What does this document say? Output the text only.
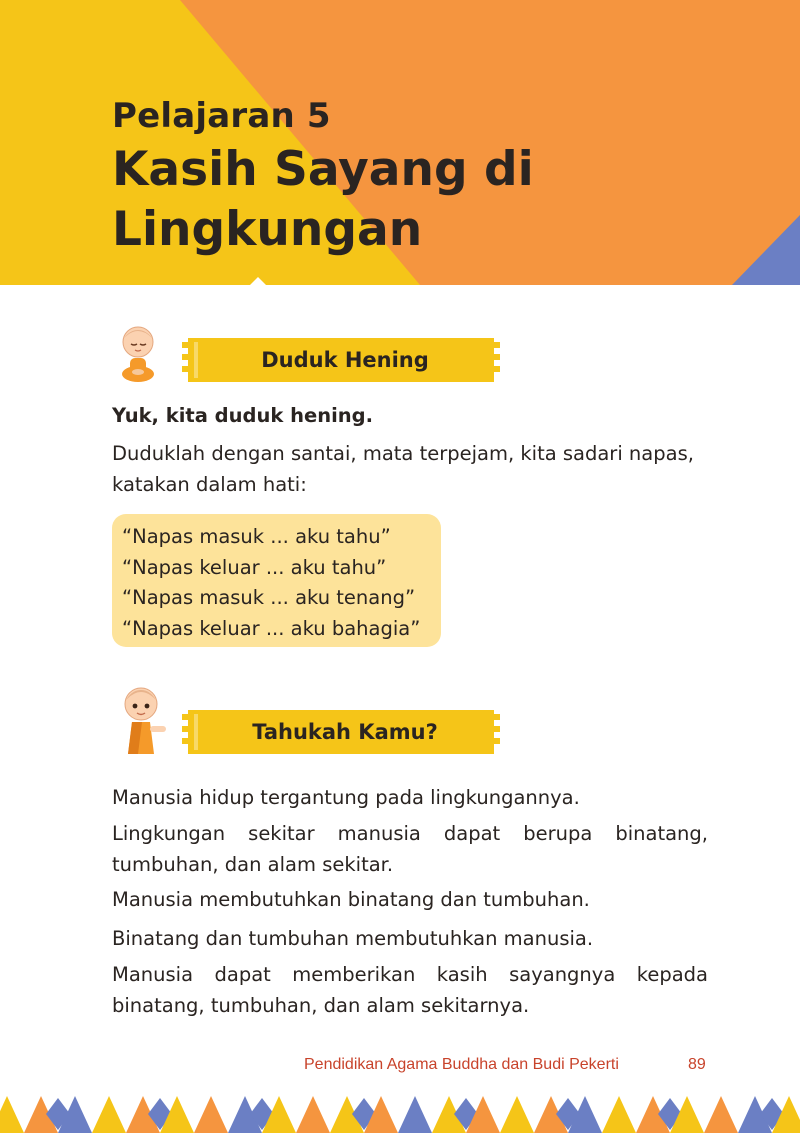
Pelajaran 5
Kasih Sayang di Lingkungan
Duduk Hening
Yuk, kita duduk hening.
Duduklah dengan santai, mata terpejam, kita sadari napas, katakan dalam hati:
“Napas masuk ... aku tahu”
“Napas keluar ... aku tahu”
“Napas masuk ... aku tenang”
“Napas keluar ... aku bahagia”
Tahukah Kamu?
Manusia hidup tergantung pada lingkungannya.
Lingkungan sekitar manusia dapat berupa binatang, tumbuhan, dan alam sekitar.
Manusia membutuhkan binatang dan tumbuhan.
Binatang dan tumbuhan membutuhkan manusia.
Manusia dapat memberikan kasih sayangnya kepada binatang, tumbuhan, dan alam sekitarnya.
Pendidikan Agama Buddha dan Budi Pekerti	89
